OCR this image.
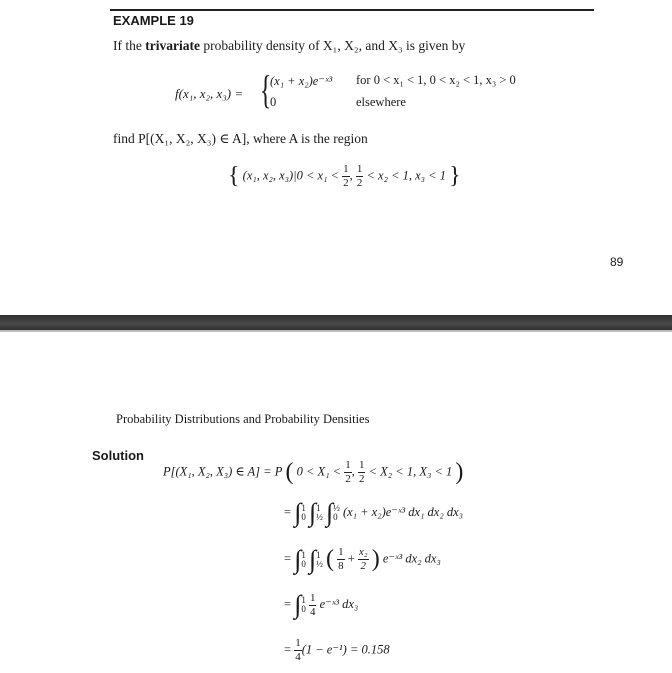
EXAMPLE 19
If the trivariate probability density of X₁, X₂, and X₃ is given by
f(x₁, x₂, x₃) = {
(x₁ + x₂)e⁻ˣ³ for 0 < x₁ < 1, 0 < x₂ < 1, x₃ > 0
0	elsewhere
find P[(X₁, X₂, X₃) ∈ A], where A is the region
{ (x₁, x₂, $x_3)|0 < x_1 < \frac{1}{2}$ , $\frac{1}{2} < x_2 < 1$, x₃ < 1 }
89
Probability Distributions and Probability Densities
Solution
P[(X₁, X₂, X₃) ∈ A] = P ( $0 < X_1 < \frac{1}{2}$ , $\frac{1}{2} < X_2 < 1$, X₃ < 1 )
= ∫ 1
0 ∫ 1
½ ∫ ½
0 (x₁ + x₂)e⁻ˣ³ dx₁ dx₂ dx₃
= ∫ 1
0 ∫ 1
½ ( $\frac{1}{8} + \frac{\text{x₂}}{2}$ ) e⁻ˣ³ dx₂ dx₃
= ∫ 1
0
$\frac{1}{4}$ e⁻ˣ³ dx₃
= $\frac{1}{4} (1 - e^{-1}) = 0.158$
